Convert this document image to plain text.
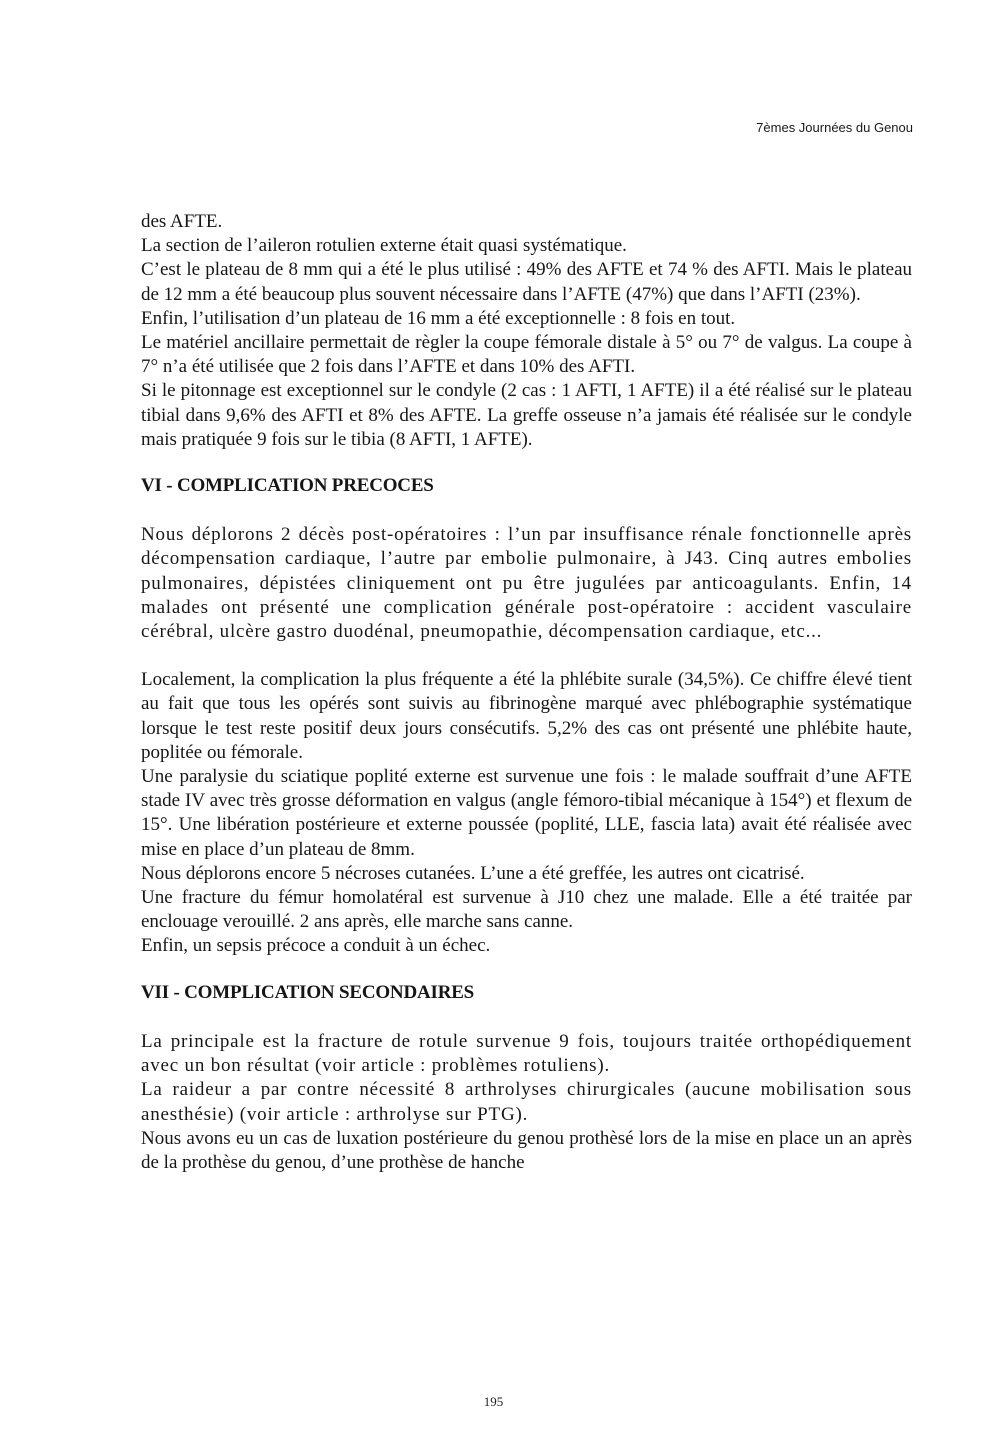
7èmes Journées du Genou

des AFTE.

La section de l’aileron rotulien externe était quasi systématique.

C’est le plateau de 8 mm qui a été le plus utilisé : 49% des AFTE et 74 % des AFTI. Mais le plateau de 12 mm a été beaucoup plus souvent nécessaire dans l’AFTE (47%) que dans l’AFTI (23%).

Enfin, l’utilisation d’un plateau de 16 mm a été exceptionnelle : 8 fois en tout.

Le matériel ancillaire permettait de règler la coupe fémorale distale à 5° ou 7° de valgus. La coupe à 7° n’a été utilisée que 2 fois dans l’AFTE et dans 10% des AFTI.

Si le pitonnage est exceptionnel sur le condyle (2 cas : 1 AFTI, 1 AFTE) il a été réalisé sur le plateau tibial dans 9,6% des AFTI et 8% des AFTE. La greffe osseuse n’a jamais été réalisée sur le condyle mais pratiquée 9 fois sur le tibia (8 AFTI, 1 AFTE).

VI - COMPLICATION PRECOCES

Nous déplorons 2 décès post-opératoires : l’un par insuffisance rénale fonctionnelle après décompensation cardiaque, l’autre par embolie pulmonaire, à J43. Cinq autres embolies pulmonaires, dépistées cliniquement ont pu être jugulées par anticoagulants. Enfin, 14 malades ont présenté une complication générale post-opératoire : accident vasculaire cérébral, ulcère gastro duodénal, pneumopathie, décompensation cardiaque, etc...

Localement, la complication la plus fréquente a été la phlébite surale (34,5%). Ce chiffre élevé tient au fait que tous les opérés sont suivis au fibrinogène marqué avec phlébographie systématique lorsque le test reste positif deux jours consécutifs. 5,2% des cas ont présenté une phlébite haute, poplitée ou fémorale.

Une paralysie du sciatique poplité externe est survenue une fois : le malade souffrait d’une AFTE stade IV avec très grosse déformation en valgus (angle fémoro-tibial mécanique à 154°) et flexum de 15°. Une libération postérieure et externe poussée (poplité, LLE, fascia lata) avait été réalisée avec mise en place d’un plateau de 8mm.

Nous déplorons encore 5 nécroses cutanées. L’une a été greffée, les autres ont cicatrisé.

Une fracture du fémur homolatéral est survenue à J10 chez une malade. Elle a été traitée par enclouage verouillé. 2 ans après, elle marche sans canne.

Enfin, un sepsis précoce a conduit à un échec.

VII - COMPLICATION SECONDAIRES

La principale est la fracture de rotule survenue 9 fois, toujours traitée orthopédiquement avec un bon résultat (voir article : problèmes rotuliens).

La raideur a par contre nécessité 8 arthrolyses chirurgicales (aucune mobilisation sous anesthésie) (voir article : arthrolyse sur PTG).

Nous avons eu un cas de luxation postérieure du genou prothèsé lors de la mise en place un an après de la prothèse du genou, d’une prothèse de hanche

195
